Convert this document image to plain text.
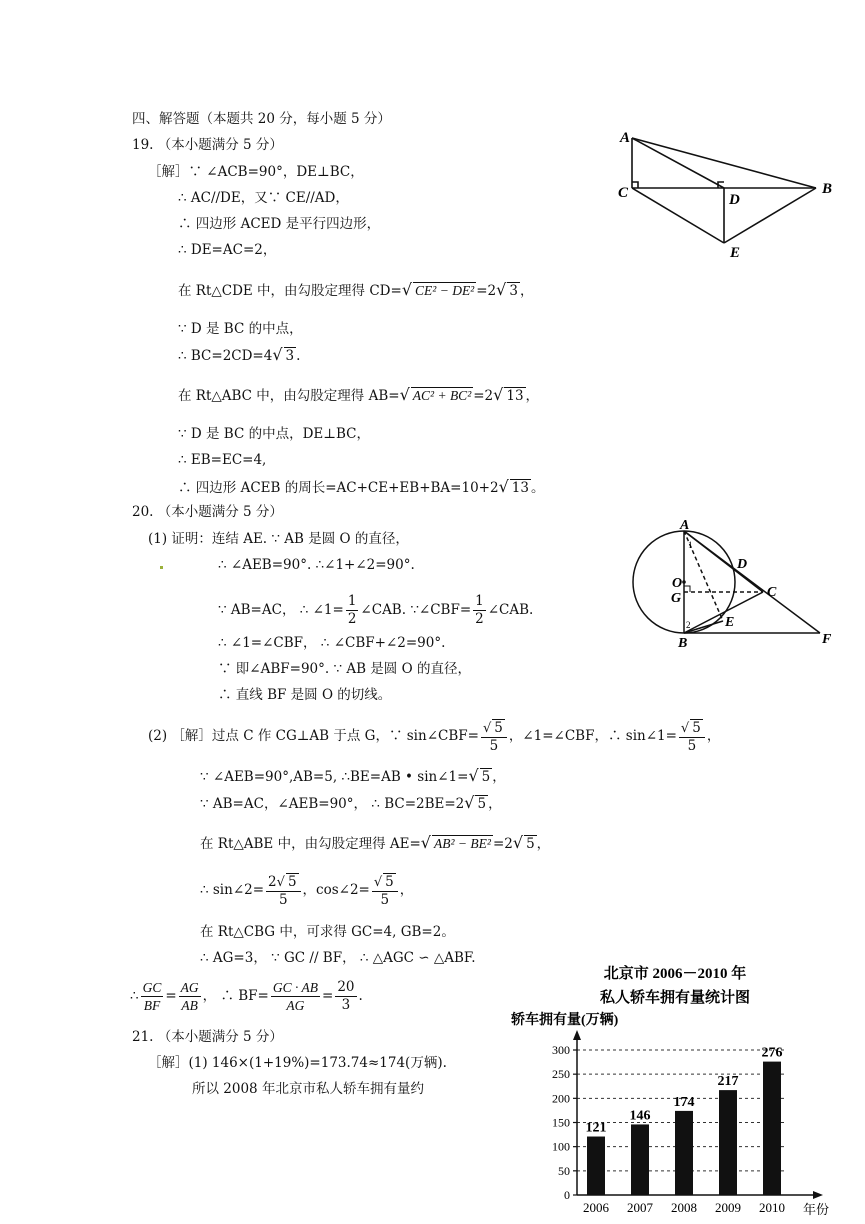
四、解答题（本题共 20 分，每小题 5 分）
19. （本小题满分 5 分）
［解］∵ ∠ACB=90°，DE⊥BC，
∴ AC//DE，又∵ CE//AD，
∴ 四边形 ACED 是平行四边形，
∴ DE=AC=2，
在 Rt△CDE 中，由勾股定理得 CD=√ CE² − DE² =2√ 3 ，
∵ D 是 BC 的中点，
∴ BC=2CD=4√ 3 .
在 Rt△ABC 中，由勾股定理得 AB=√ AC² + BC² =2√ 13 ，
∵ D 是 BC 的中点，DE⊥BC，
∴ EB=EC=4,
∴ 四边形 ACEB 的周长=AC+CE+EB+BA=10+2√ 13 。
A
C	D
B
E
20. （本小题满分 5 分）
(1) 证明：连结 AE. ∵ AB 是圆 O 的直径，
∴ ∠AEB=90°. ∴∠1+∠2=90°.
∵ AB=AC， ∴ ∠1= $\frac{1}{2}$ ∠CAB. ∵∠CBF= $\frac{1}{2}$ ∠CAB.
∴ ∠1=∠CBF， ∴ ∠CBF+∠2=90°.
∵ 即∠ABF=90°. ∵ AB 是圆 O 的直径，
∴ 直线 BF 是圆 O 的切线。
(2) ［解］过点 C 作 CG⊥AB 于点 G，∵ sin∠CBF= $\frac{√ 5}{5}$ ，∠1=∠CBF，∴ sin∠1= $\frac{√ 5}{5}$ ，
∵ ∠AEB=90°,AB=5, ∴BE=AB • sin∠1=√ 5 ，
∵ AB=AC，∠AEB=90°， ∴ BC=2BE=2√ 5 ，
在 Rt△ABE 中，由勾股定理得 AE=√ AB² − BE² =2√ 5 ，
∴ sin∠2= $\frac{2√ 5}{5}$ ，cos∠2= $\frac{√ 5}{5}$ ，
在 Rt△CBG 中，可求得 GC=4, GB=2。
∴ AG=3， ∵ GC // BF， ∴ △AGC ∽ △ABF.
∴ $\frac{GC}{BF} = \frac{AG}{AB}$ ， ∴ $BF= \frac{GC \cdot AB}{AG} = \frac{20}{3}$ .
A
O
G
B
D
C
E
F
1
2
21. （本小题满分 5 分）
［解］(1) 146×(1+19%)=173.74≈174(万辆).
所以 2008 年北京市私人轿车拥有量约
北京市 2006－2010 年
私人轿车拥有量统计图
轿车拥有量(万辆)
年份
0
50
100
150
200
250
300
121
2006
146
2007
174
2008
217
2009
276
2010
